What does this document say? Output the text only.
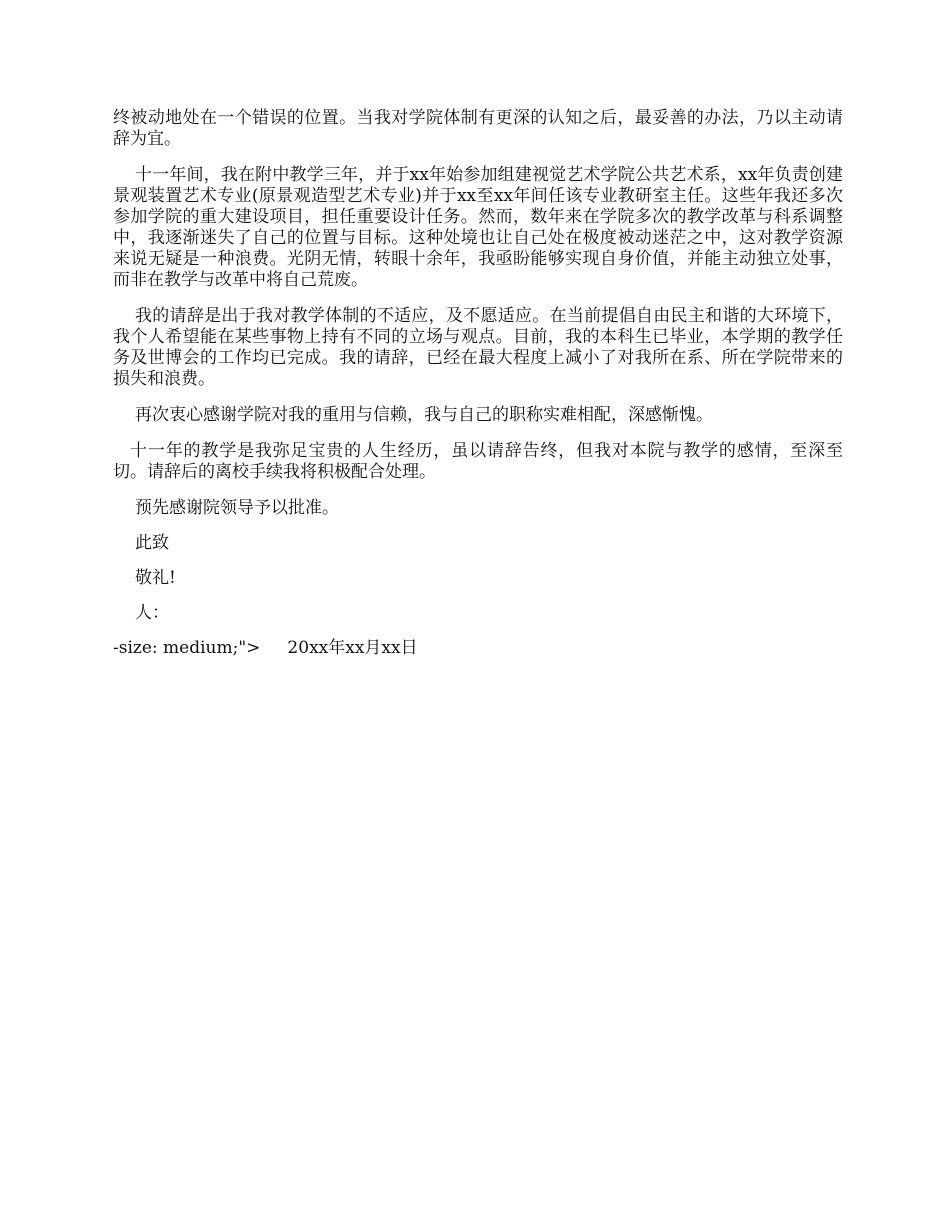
终被动地处在一个错误的位置。当我对学院体制有更深的认知之后，最妥善的办法，乃以主动请辞为宜。

十一年间，我在附中教学三年，并于xx年始参加组建视觉艺术学院公共艺术系，xx年负责创建景观装置艺术专业(原景观造型艺术专业)并于xx至xx年间任该专业教研室主任。这些年我还多次参加学院的重大建设项目，担任重要设计任务。然而，数年来在学院多次的教学改革与科系调整中，我逐渐迷失了自己的位置与目标。这种处境也让自己处在极度被动迷茫之中，这对教学资源来说无疑是一种浪费。光阴无情，转眼十余年，我亟盼能够实现自身价值，并能主动独立处事，而非在教学与改革中将自己荒废。

我的请辞是出于我对教学体制的不适应，及不愿适应。在当前提倡自由民主和谐的大环境下，我个人希望能在某些事物上持有不同的立场与观点。目前，我的本科生已毕业，本学期的教学任务及世博会的工作均已完成。我的请辞，已经在最大程度上减小了对我所在系、所在学院带来的损失和浪费。

再次衷心感谢学院对我的重用与信赖，我与自己的职称实难相配，深感惭愧。

十一年的教学是我弥足宝贵的人生经历，虽以请辞告终，但我对本院与教学的感情，至深至切。请辞后的离校手续我将积极配合处理。

预先感谢院领导予以批准。

此致

敬礼!

人：

-size: medium;">     20xx年xx月xx日
